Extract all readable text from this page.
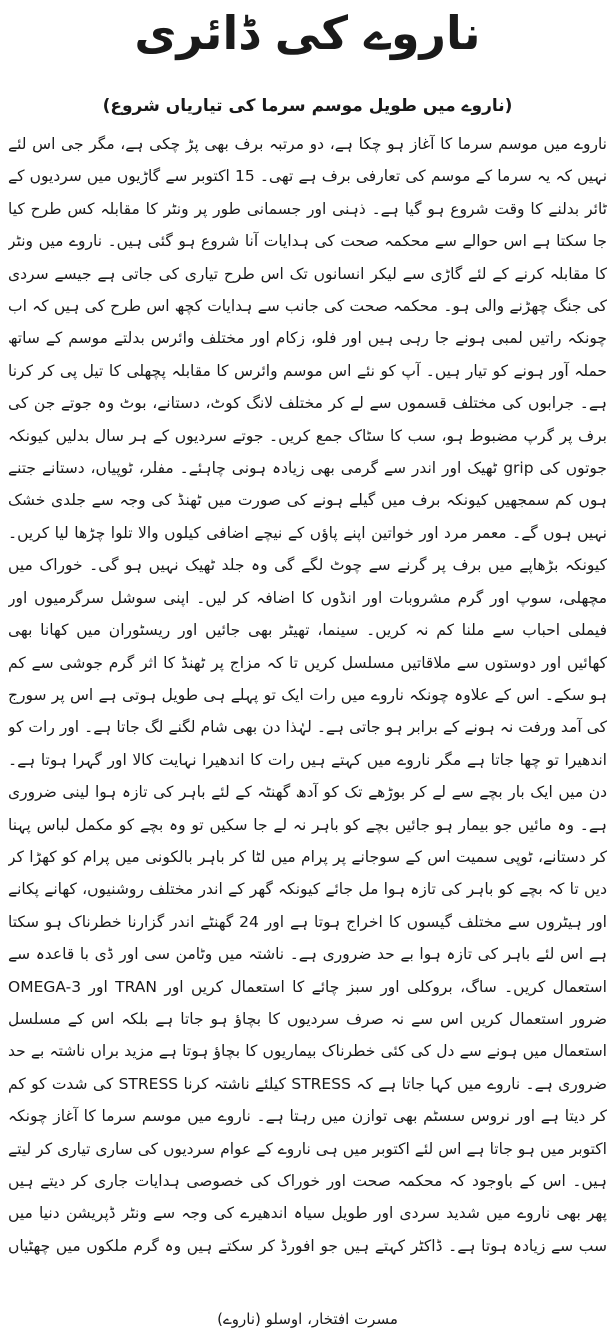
ناروے کی ڈائری
(ناروے میں طویل موسم سرما کی تیاریاں شروع)

ناروے میں موسم سرما کا آغاز ہو چکا ہے، دو مرتبہ برف بھی پڑ چکی ہے، مگر جی اس لئے نہیں کہ یہ سرما کے موسم کی تعارفی برف ہے تھی۔ 15 اکتوبر سے گاڑیوں میں سردیوں کے ٹائر بدلنے کا وقت شروع ہو گیا ہے۔ ذہنی اور جسمانی طور پر ونٹر کا مقابلہ کس طرح کیا جا سکتا ہے اس حوالے سے محکمہ صحت کی ہدایات آنا شروع ہو گئی ہیں۔ ناروے میں ونٹر کا مقابلہ کرنے کے لئے گاڑی سے لیکر انسانوں تک اس طرح تیاری کی جاتی ہے جیسے سردی کی جنگ چھڑنے والی ہو۔ محکمہ صحت کی جانب سے ہدایات کچھ اس طرح کی ہیں کہ اب چونکہ راتیں لمبی ہونے جا رہی ہیں اور فلو، زکام اور مختلف وائرس بدلتے موسم کے ساتھ حملہ آور ہونے کو تیار ہیں۔ آپ کو نئے اس موسم وائرس کا مقابلہ پچھلی کا تیل پی کر کرنا ہے۔ جرابوں کی مختلف قسموں سے لے کر مختلف لانگ کوٹ، دستانے، بوٹ وہ جوتے جن کی برف پر گرپ مضبوط ہو، سب کا سٹاک جمع کریں۔ جوتے سردیوں کے ہر سال بدلیں کیونکہ جوتوں کی grip ٹھیک اور اندر سے گرمی بھی زیادہ ہونی چاہئے۔ مفلر، ٹوپیاں، دستانے جتنے ہوں کم سمجھیں کیونکہ برف میں گیلے ہونے کی صورت میں ٹھنڈ کی وجہ سے جلدی خشک نہیں ہوں گے۔ معمر مرد اور خواتین اپنے پاؤں کے نیچے اضافی کیلوں والا تلوا چڑھا لیا کریں۔ کیونکہ بڑھاپے میں برف پر گرنے سے چوٹ لگے گی وہ جلد ٹھیک نہیں ہو گی۔ خوراک میں مچھلی، سوپ اور گرم مشروبات اور انڈوں کا اضافہ کر لیں۔ اپنی سوشل سرگرمیوں اور فیملی احباب سے ملنا کم نہ کریں۔ سینما، تھیٹر بھی جائیں اور ریسٹوران میں کھانا بھی کھائیں اور دوستوں سے ملاقاتیں مسلسل کریں تا کہ مزاج پر ٹھنڈ کا اثر گرم جوشی سے کم ہو سکے۔ اس کے علاوہ چونکہ ناروے میں رات ایک تو پہلے ہی طویل ہوتی ہے اس پر سورج کی آمد ورفت نہ ہونے کے برابر ہو جاتی ہے۔ لہٰذا دن بھی شام لگنے لگ جاتا ہے۔ اور رات کو اندھیرا تو چھا جاتا ہے مگر ناروے میں کہتے ہیں رات کا اندھیرا نہایت کالا اور گہرا ہوتا ہے۔ دن میں ایک بار بچے سے لے کر بوڑھے تک کو آدھ گھنٹہ کے لئے باہر کی تازہ ہوا لینی ضروری ہے۔ وہ مائیں جو بیمار ہو جائیں بچے کو باہر نہ لے جا سکیں تو وہ بچے کو مکمل لباس پہنا کر دستانے، ٹوپی سمیت اس کے سوجانے پر پرام میں لٹا کر باہر بالکونی میں پرام کو کھڑا کر دیں تا کہ بچے کو باہر کی تازہ ہوا مل جائے کیونکہ گھر کے اندر مختلف روشنیوں، کھانے پکانے اور ہیٹروں سے مختلف گیسوں کا اخراج ہوتا ہے اور 24 گھنٹے اندر گزارنا خطرناک ہو سکتا ہے اس لئے باہر کی تازہ ہوا بے حد ضروری ہے۔ ناشتہ میں وٹامن سی اور ڈی با قاعدہ سے استعمال کریں۔ ساگ، بروکلی اور سبز چائے کا استعمال کریں اور TRAN اور OMEGA-3 ضرور استعمال کریں اس سے نہ صرف سردیوں کا بچاؤ ہو جاتا ہے بلکہ اس کے مسلسل استعمال میں ہونے سے دل کی کئی خطرناک بیماریوں کا بچاؤ ہوتا ہے مزید براں ناشتہ بے حد ضروری ہے۔ ناروے میں کہا جاتا ہے کہ STRESS کیلئے ناشتہ کرنا STRESS کی شدت کو کم کر دیتا ہے اور نروس سسٹم بھی توازن میں رہتا ہے۔ ناروے میں موسم سرما کا آغاز چونکہ اکتوبر میں ہو جاتا ہے اس لئے اکتوبر میں ہی ناروے کے عوام سردیوں کی ساری تیاری کر لیتے ہیں۔ اس کے باوجود کہ محکمہ صحت اور خوراک کی خصوصی ہدایات جاری کر دیتے ہیں پھر بھی ناروے میں شدید سردی اور طویل سیاہ اندھیرے کی وجہ سے ونٹر ڈپریشن دنیا میں سب سے زیادہ ہوتا ہے۔ ڈاکٹر کہتے ہیں جو افورڈ کر سکتے ہیں وہ گرم ملکوں میں چھٹیاں

مسرت افتخار، اوسلو (ناروے)
